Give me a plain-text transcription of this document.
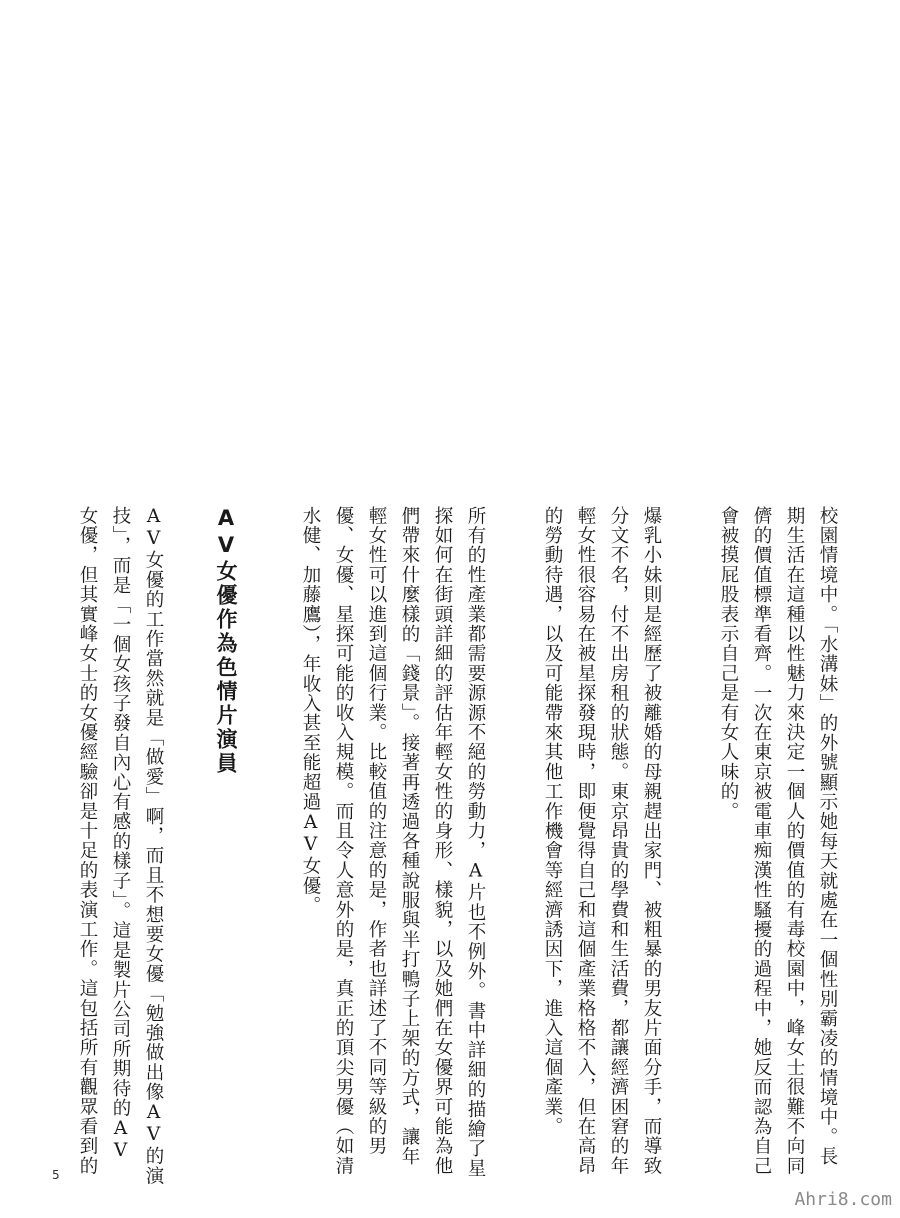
校園情境中。「水溝妹」的外號顯示她每天就處在一個性別霸凌的情境中。長
期生活在這種以性魅力來決定一個人的價值的有毒校園中，峰女士很難不向同
儕的價值標準看齊。一次在東京被電車痴漢性騷擾的過程中，她反而認為自己
會被摸屁股表示自己是有女人味的。
爆乳小妹則是經歷了被離婚的母親趕出家門、被粗暴的男友片面分手，而導致
分文不名，付不出房租的狀態。東京昂貴的學費和生活費，都讓經濟困窘的年
輕女性很容易在被星探發現時，即便覺得自己和這個產業格格不入，但在高昂
的勞動待遇，以及可能帶來其他工作機會等經濟誘因下，進入這個產業。
所有的性產業都需要源源不絕的勞動力，A片也不例外。書中詳細的描繪了星
探如何在街頭詳細的評估年輕女性的身形、樣貌，以及她們在女優界可能為他
們帶來什麼樣的「錢景」。接著再透過各種說服與半打鴨子上架的方式，讓年
輕女性可以進到這個行業。比較值的注意的是，作者也詳述了不同等級的男
優、女優、星探可能的收入規模。而且令人意外的是，真正的頂尖男優（如清
水健、加藤鷹），年收入甚至能超過AV女優。
AV女優作為色情片演員
AV女優的工作當然就是「做愛」啊，而且不想要女優「勉強做出像AV的演
技」，而是「一個女孩子發自內心有感的樣子」。這是製片公司所期待的AV
女優，但其實峰女士的女優經驗卻是十足的表演工作。這包括所有觀眾看到的
5
Ahri8.com
